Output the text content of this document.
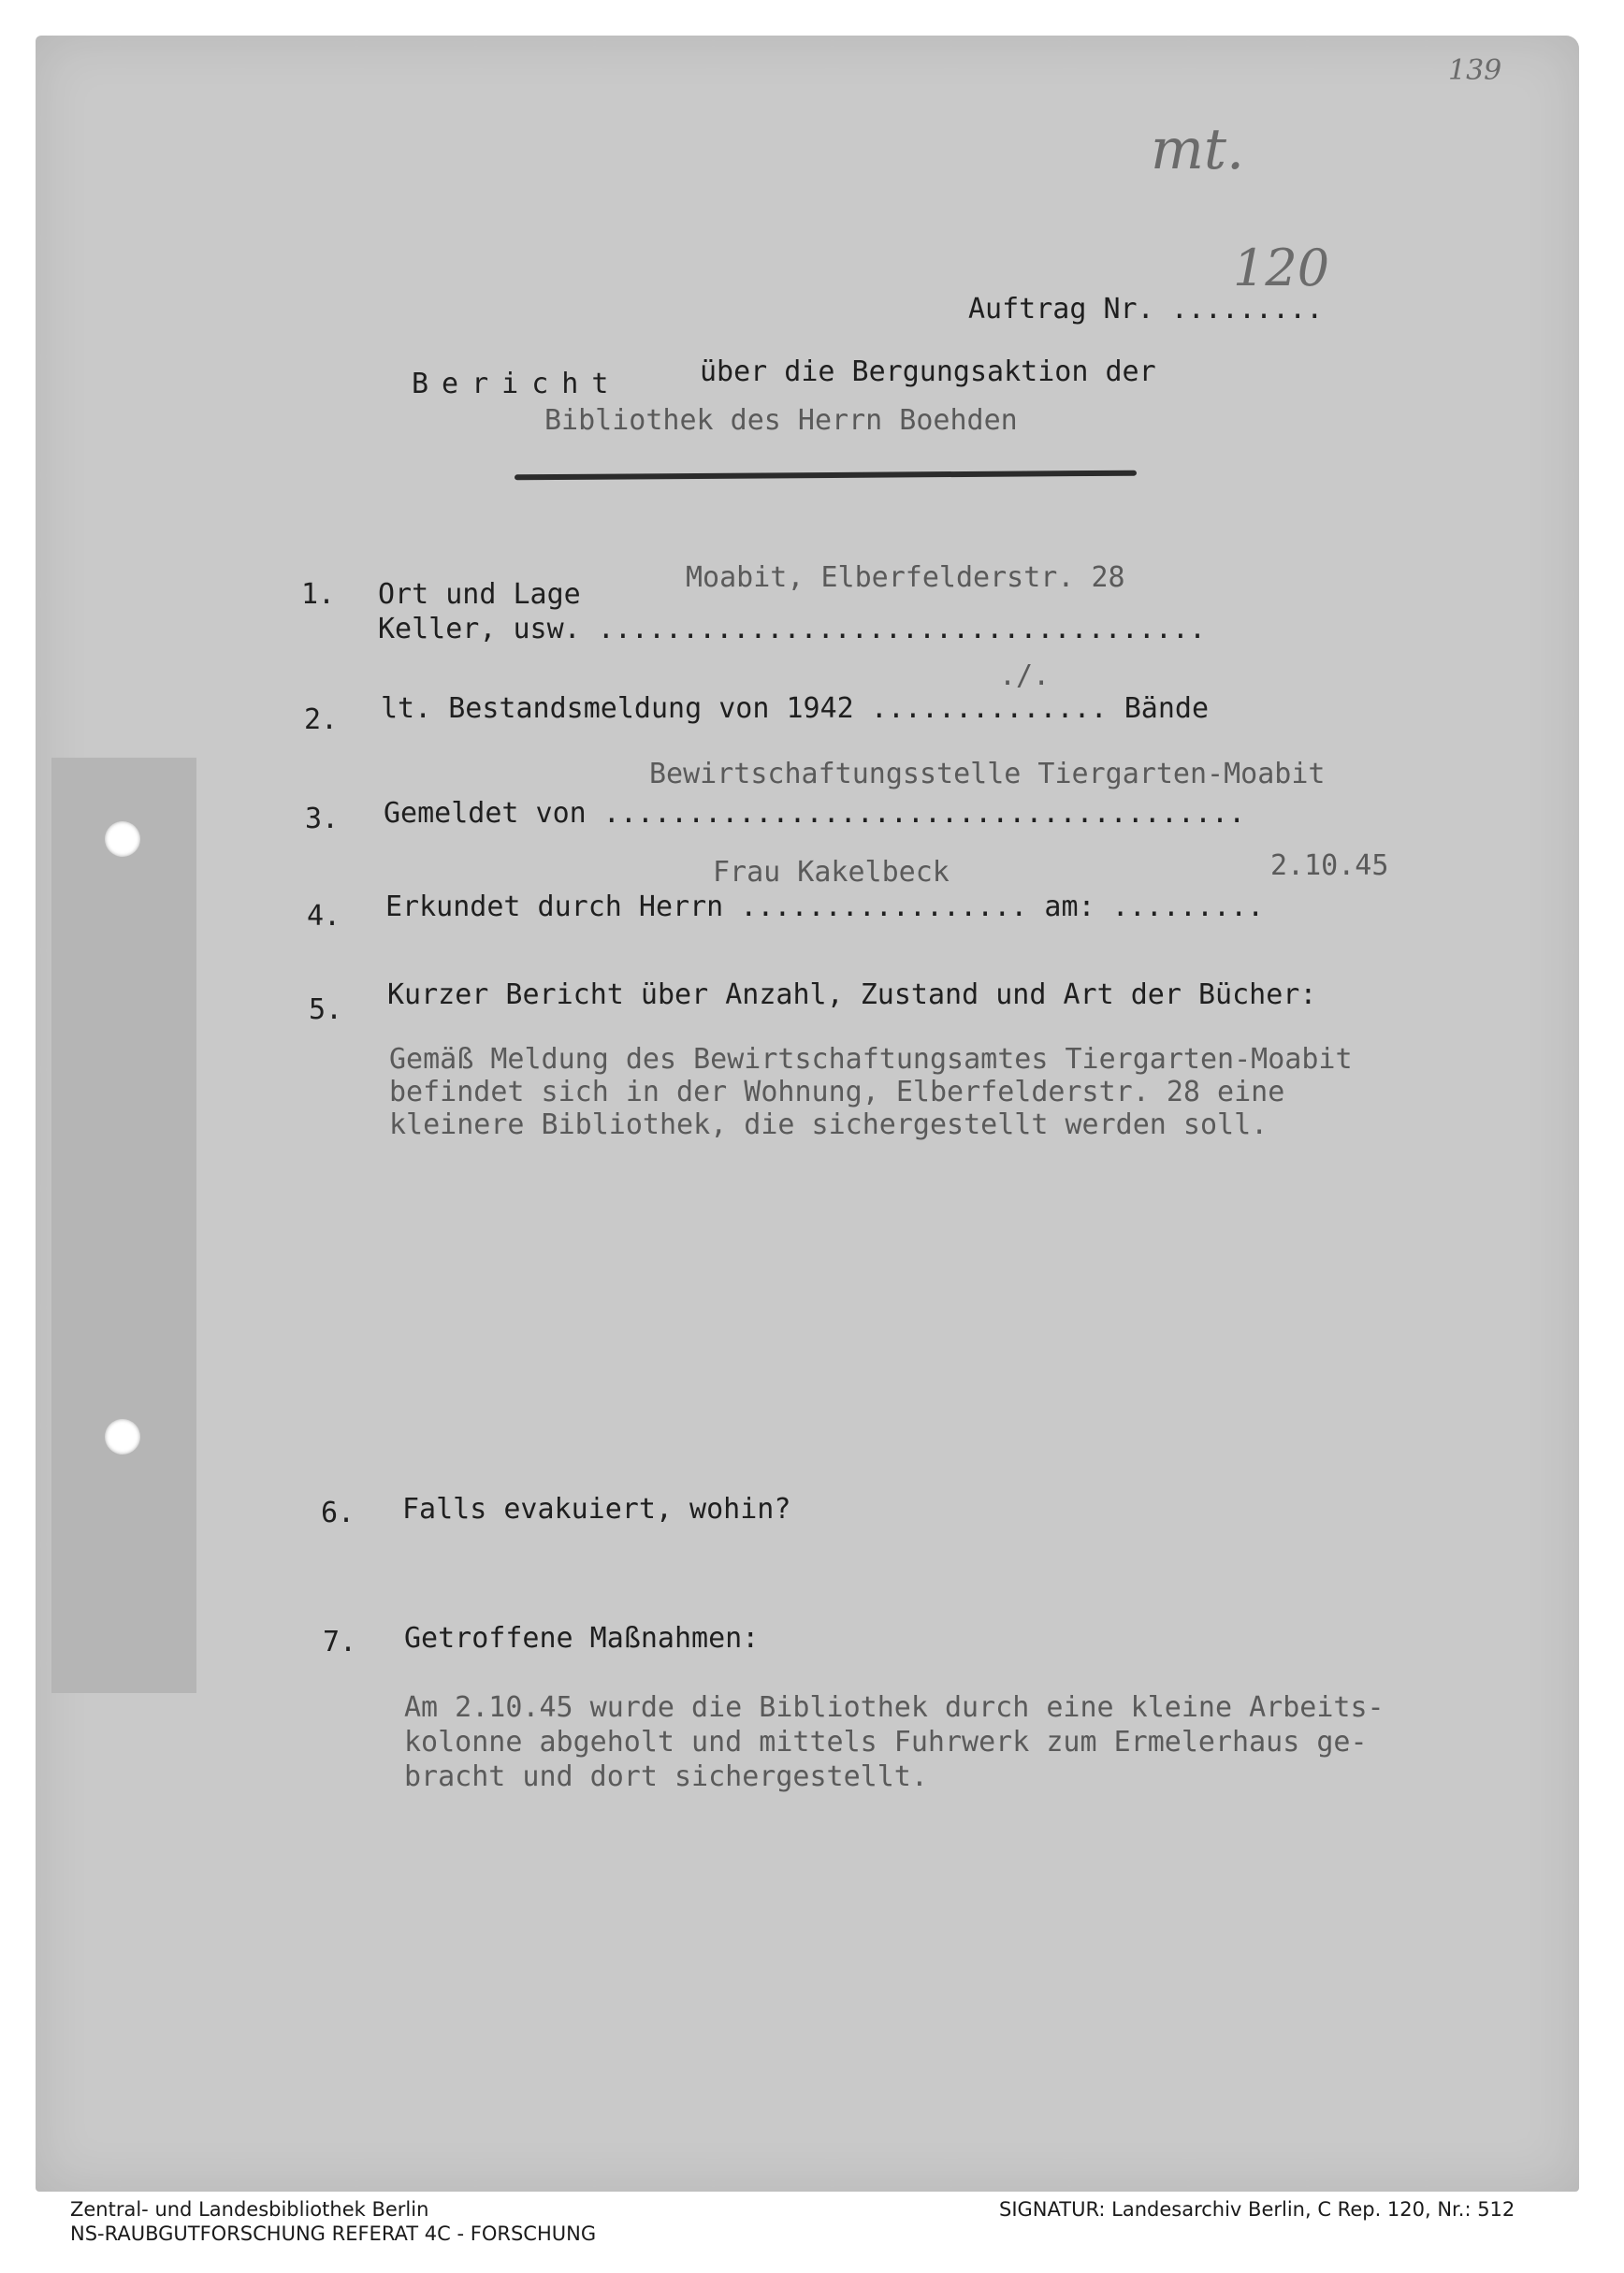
139
mt.
120
Auftrag Nr. .........
Bericht	über die Bergungsaktion der
Bibliothek des Herrn Boehden
1. Ort und Lage
Moabit, Elberfelderstr. 28
Keller, usw. ....................................
./.
2. lt. Bestandsmeldung von 1942 .............. Bände
Bewirtschaftungsstelle Tiergarten-Moabit
3. Gemeldet von ......................................
Frau Kakelbeck	2.10.45
4. Erkundet durch Herrn ................. am: .........
5. Kurzer Bericht über Anzahl, Zustand und Art der Bücher:
Gemäß Meldung des Bewirtschaftungsamtes Tiergarten-Moabit
befindet sich in der Wohnung, Elberfelderstr. 28 eine
kleinere Bibliothek, die sichergestellt werden soll.
6. Falls evakuiert, wohin?
7. Getroffene Maßnahmen:
Am 2.10.45 wurde die Bibliothek durch eine kleine Arbeits-
kolonne abgeholt und mittels Fuhrwerk zum Ermelerhaus ge-
bracht und dort sichergestellt.
Zentral- und Landesbibliothek Berlin
NS-RAUBGUTFORSCHUNG REFERAT 4C - FORSCHUNG
SIGNATUR: Landesarchiv Berlin, C Rep. 120, Nr.: 512
